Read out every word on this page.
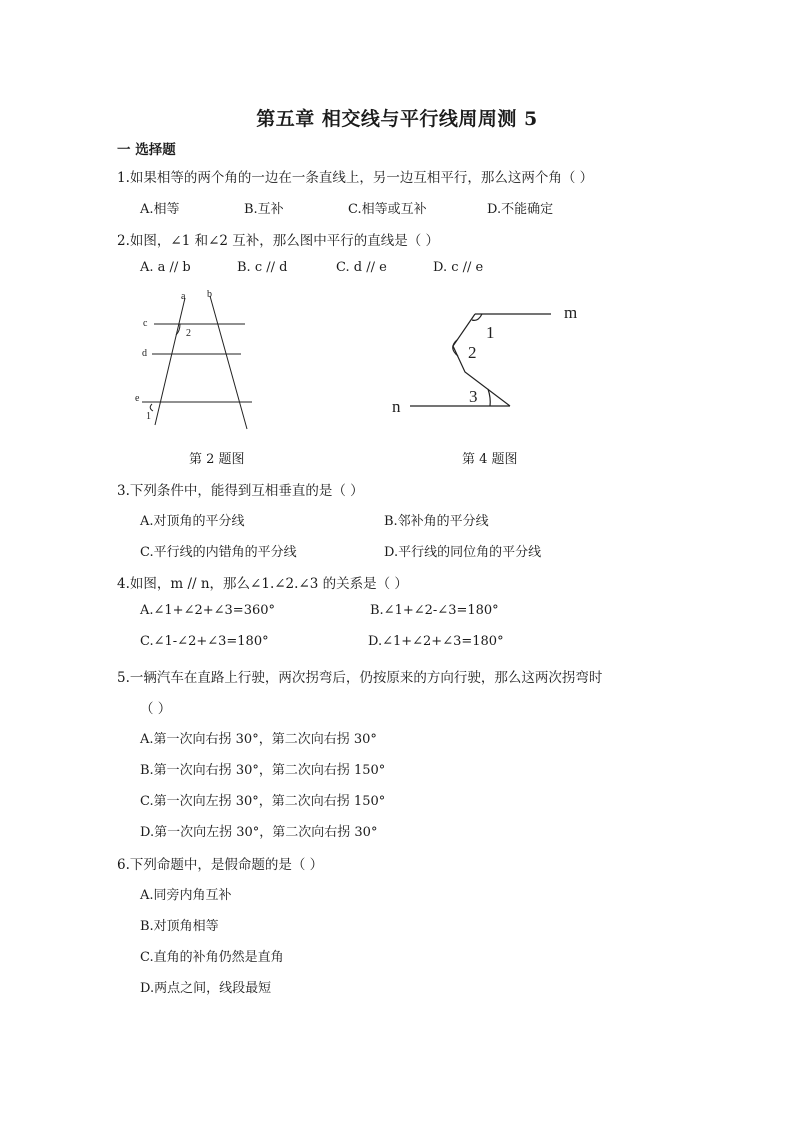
第五章 相交线与平行线周周测 5
一 选择题
1.如果相等的两个角的一边在一条直线上，另一边互相平行，那么这两个角（ ）
A.相等	B.互补	C.相等或互补	D.不能确定
2.如图，∠1 和∠2 互补，那么图中平行的直线是（ ）
A. a // b	B. c // d	C. d // e	D. c // e
a b
c
d
e
1
2
第 2 题图
m
n
1
2
3
第 4 题图
3.下列条件中，能得到互相垂直的是（ ）
A.对顶角的平分线	B.邻补角的平分线
C.平行线的内错角的平分线	D.平行线的同位角的平分线
4.如图，m // n，那么∠1.∠2.∠3 的关系是（ ）
A.∠1+∠2+∠3=360°	B.∠1+∠2-∠3=180°
C.∠1-∠2+∠3=180°	D.∠1+∠2+∠3=180°
5.一辆汽车在直路上行驶，两次拐弯后，仍按原来的方向行驶，那么这两次拐弯时
（ ）
A.第一次向右拐 30°，第二次向右拐 30°
B.第一次向右拐 30°，第二次向右拐 150°
C.第一次向左拐 30°，第二次向右拐 150°
D.第一次向左拐 30°，第二次向右拐 30°
6.下列命题中，是假命题的是（ ）
A.同旁内角互补
B.对顶角相等
C.直角的补角仍然是直角
D.两点之间，线段最短
